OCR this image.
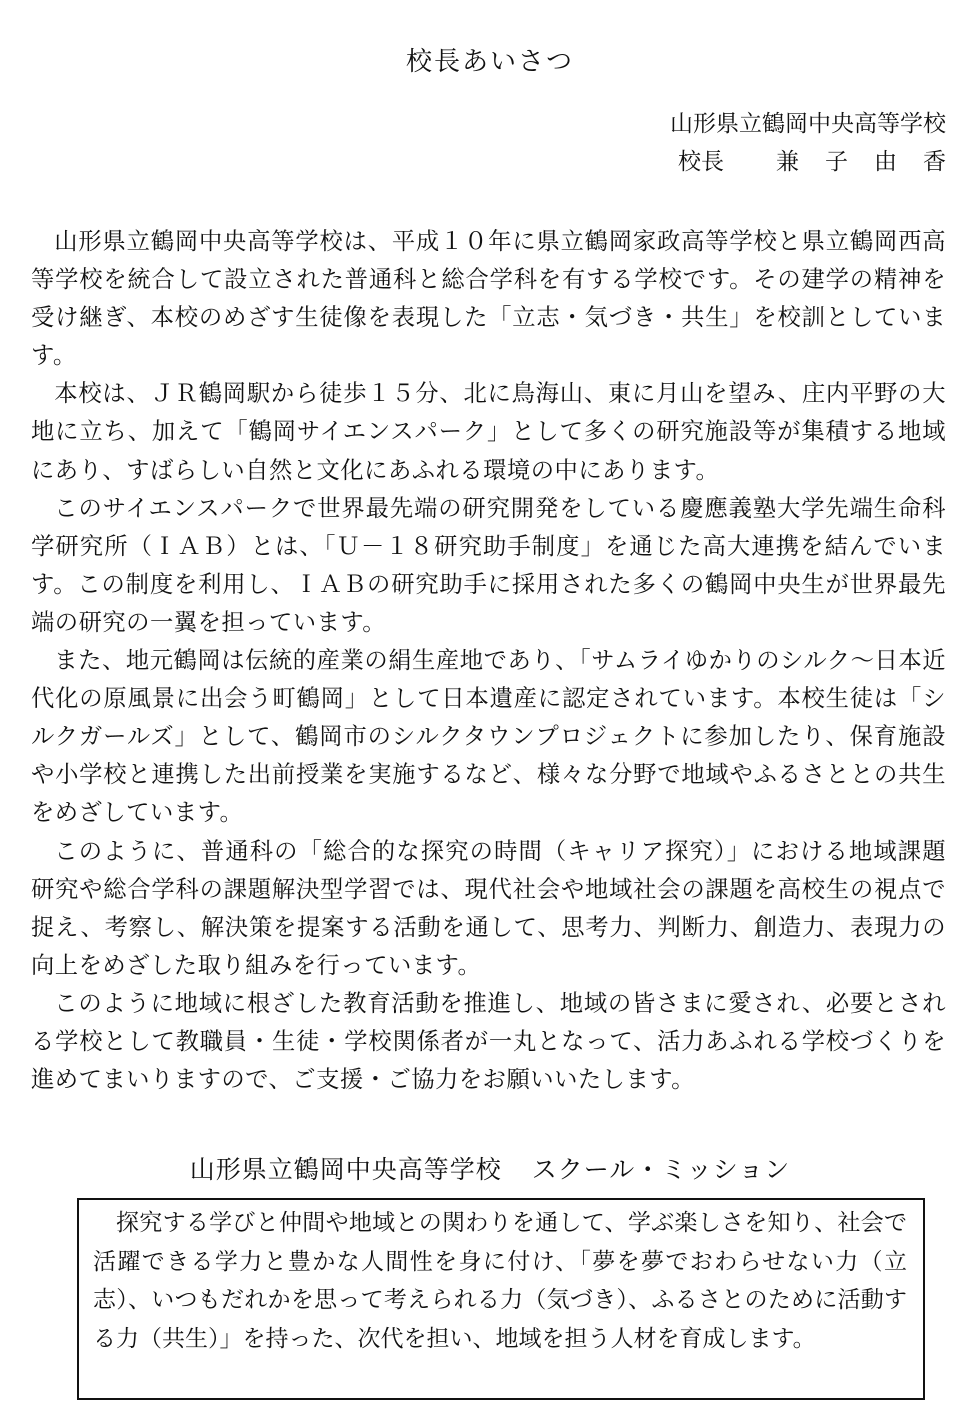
校長あいさつ

山形県立鶴岡中央高等学校

校長 兼 子 由 香

山形県立鶴岡中央高等学校は、平成１０年に県立鶴岡家政高等学校と県立鶴岡西高等学校を統合して設立された普通科と総合学科を有する学校です。その建学の精神を受け継ぎ、本校のめざす生徒像を表現した「立志・気づき・共生」を校訓としています。

本校は、ＪＲ鶴岡駅から徒歩１５分、北に鳥海山、東に月山を望み、庄内平野の大地に立ち、加えて「鶴岡サイエンスパーク」として多くの研究施設等が集積する地域にあり、すばらしい自然と文化にあふれる環境の中にあります。

このサイエンスパークで世界最先端の研究開発をしている慶應義塾大学先端生命科学研究所（ＩＡＢ）とは、「Ｕ－１８研究助手制度」を通じた高大連携を結んでいます。この制度を利用し、ＩＡＢの研究助手に採用された多くの鶴岡中央生が世界最先端の研究の一翼を担っています。

また、地元鶴岡は伝統的産業の絹生産地であり、「サムライゆかりのシルク～日本近代化の原風景に出会う町鶴岡」として日本遺産に認定されています。本校生徒は「シルクガールズ」として、鶴岡市のシルクタウンプロジェクトに参加したり、保育施設や小学校と連携した出前授業を実施するなど、様々な分野で地域やふるさととの共生をめざしています。

このように、普通科の「総合的な探究の時間（キャリア探究）」における地域課題研究や総合学科の課題解決型学習では、現代社会や地域社会の課題を高校生の視点で捉え、考察し、解決策を提案する活動を通して、思考力、判断力、創造力、表現力の向上をめざした取り組みを行っています。

このように地域に根ざした教育活動を推進し、地域の皆さまに愛され、必要とされる学校として教職員・生徒・学校関係者が一丸となって、活力あふれる学校づくりを進めてまいりますので、ご支援・ご協力をお願いいたします。

山形県立鶴岡中央高等学校 スクール・ミッション

探究する学びと仲間や地域との関わりを通して、学ぶ楽しさを知り、社会で活躍できる学力と豊かな人間性を身に付け、「夢を夢でおわらせない力（立志）、いつもだれかを思って考えられる力（気づき）、ふるさとのために活動する力（共生）」を持った、次代を担い、地域を担う人材を育成します。
